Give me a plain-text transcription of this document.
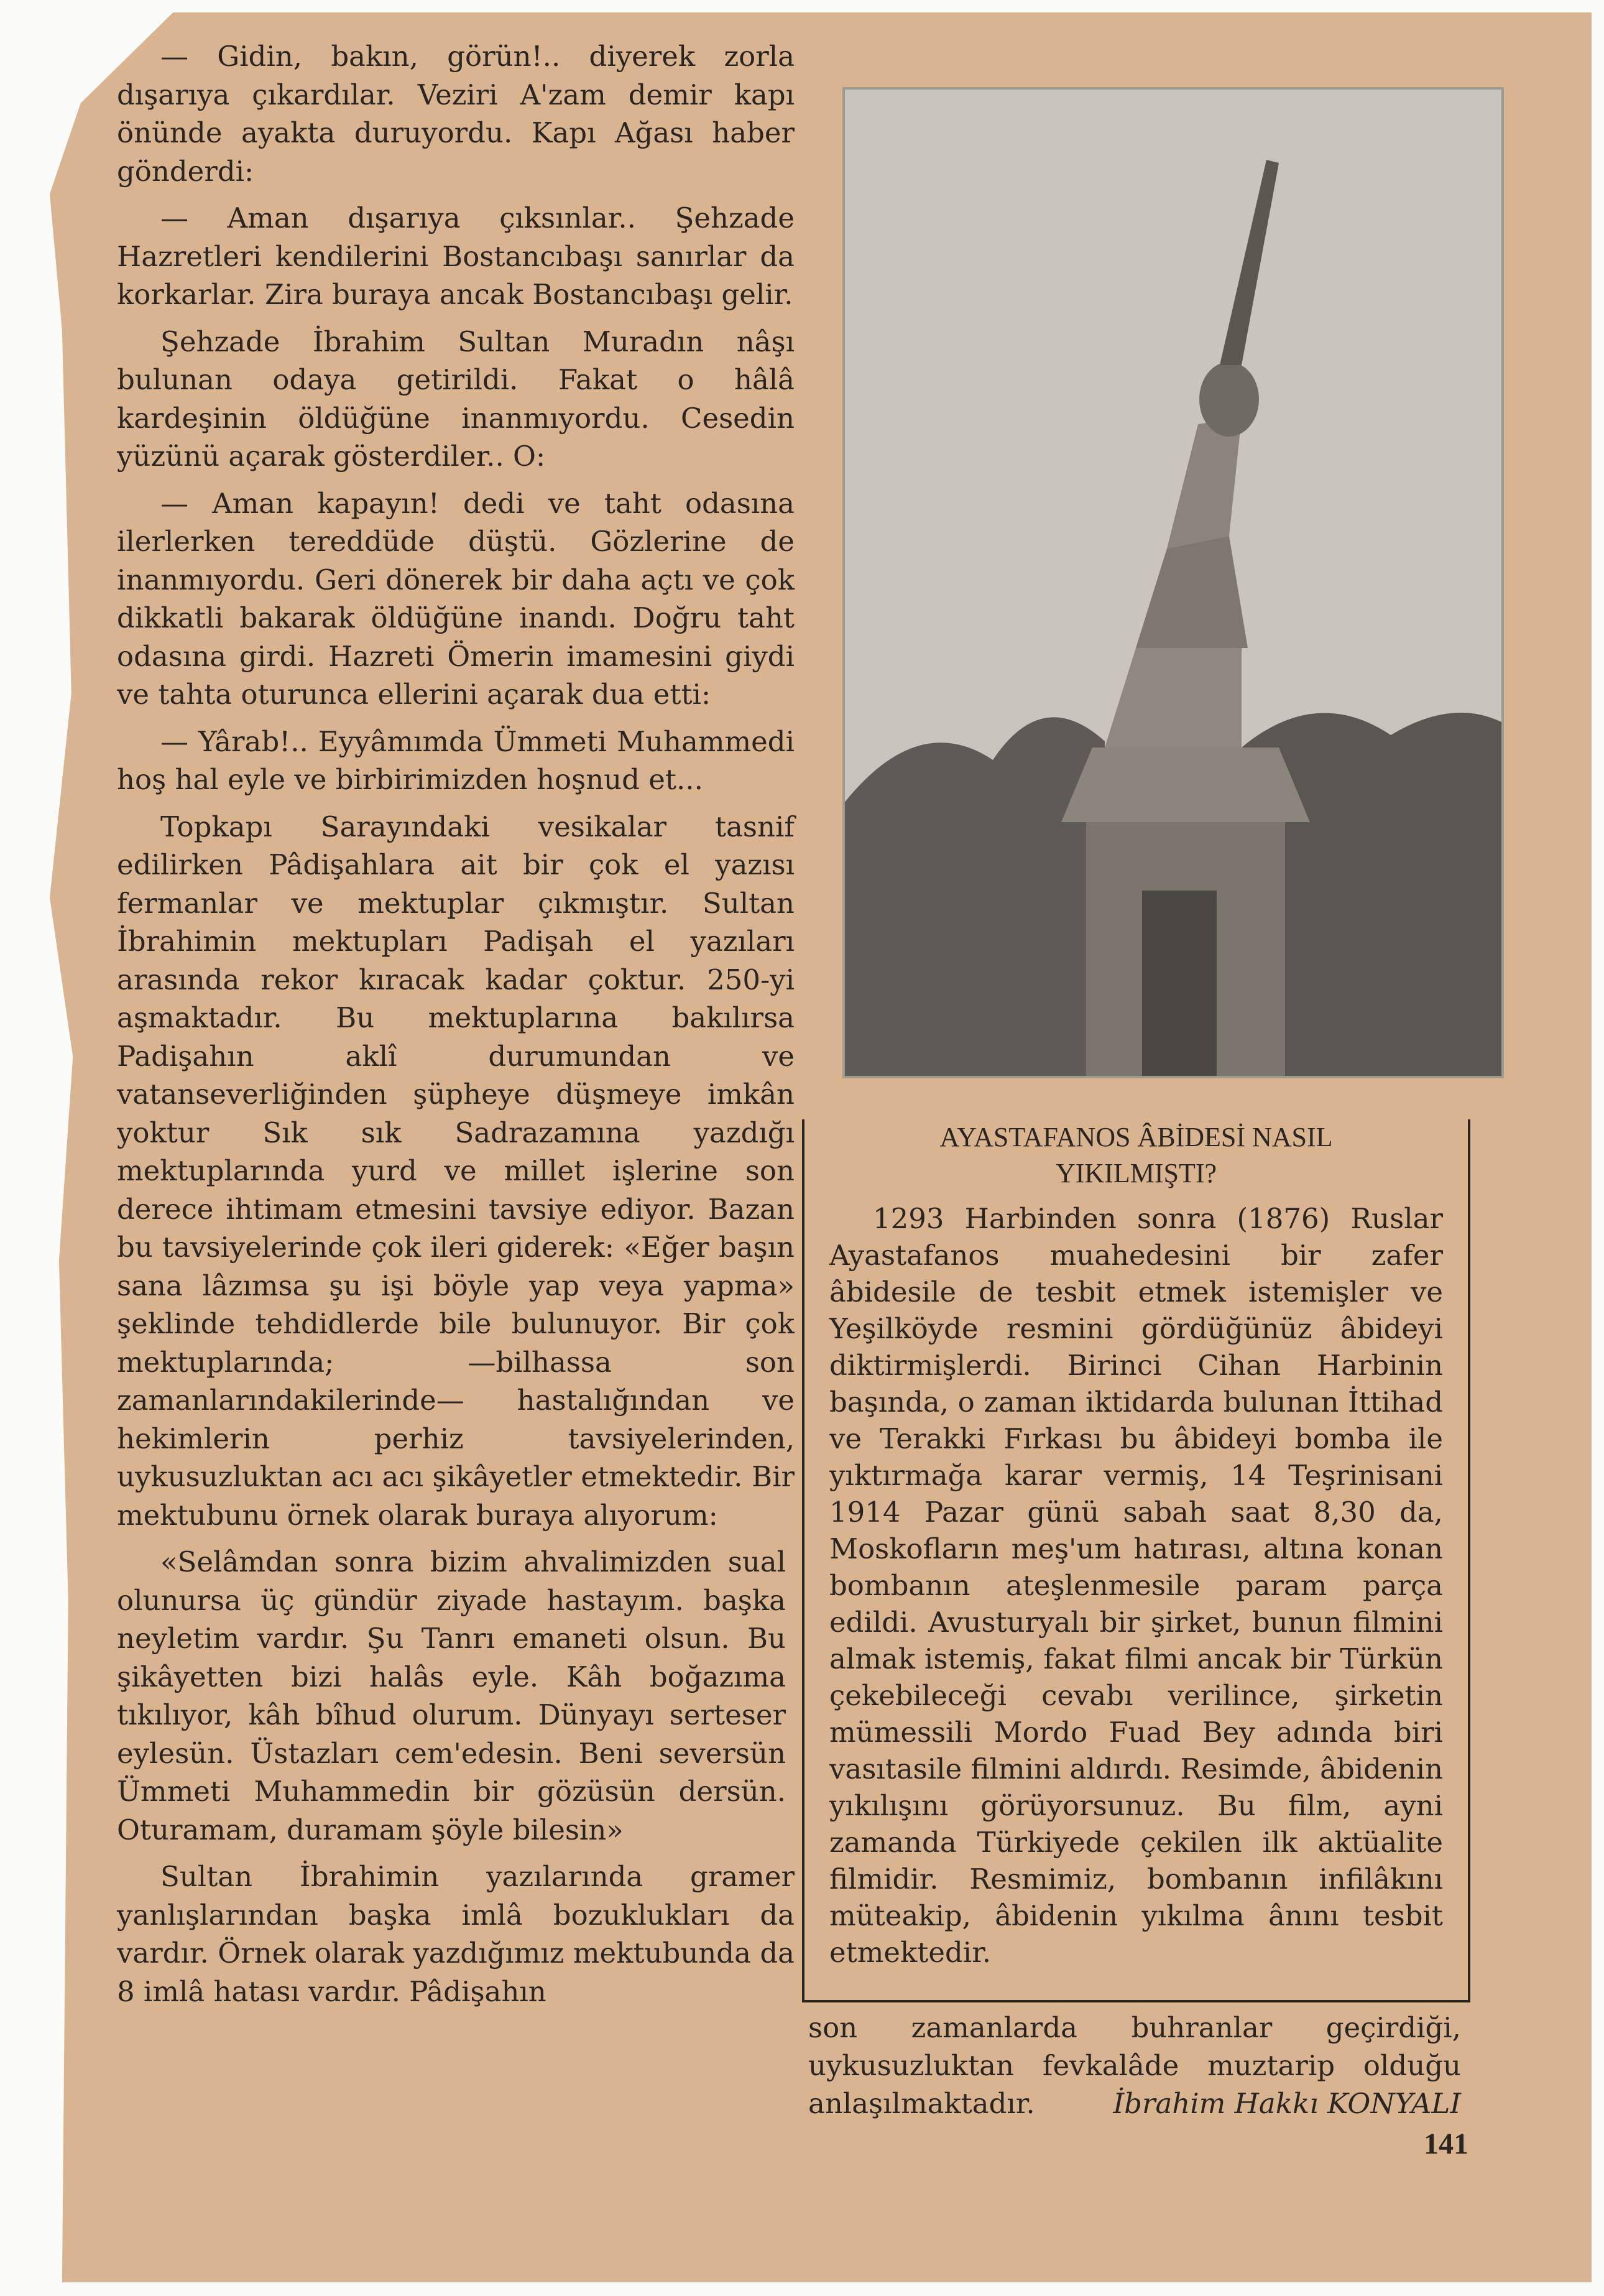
— Gidin, bakın, görün!.. diyerek zorla dışarıya çıkardılar. Veziri A'zam demir kapı önünde ayakta duruyordu. Kapı Ağası haber gönderdi:

— Aman dışarıya çıksınlar.. Şehzade Hazretleri kendilerini Bostancıbaşı sanırlar da korkarlar. Zira buraya ancak Bostancıbaşı gelir.

Şehzade İbrahim Sultan Muradın nâşı bulunan odaya getirildi. Fakat o hâlâ kardeşinin öldüğüne inanmıyordu. Cesedin yüzünü açarak gösterdiler.. O:

— Aman kapayın! dedi ve taht odasına ilerlerken tereddüde düştü. Gözlerine de inanmıyordu. Geri dönerek bir daha açtı ve çok dikkatli bakarak öldüğüne inandı. Doğru taht odasına girdi. Hazreti Ömerin imamesini giydi ve tahta oturunca ellerini açarak dua etti:

— Yârab!.. Eyyâmımda Ümmeti Muhammedi hoş hal eyle ve birbirimizden hoşnud et...

Topkapı Sarayındaki vesikalar tasnif edilirken Pâdişahlara ait bir çok el yazısı fermanlar ve mektuplar çıkmıştır. Sultan İbrahimin mektupları Padişah el yazıları arasında rekor kıracak kadar çoktur. 250-yi aşmaktadır. Bu mektuplarına bakılırsa Padişahın aklî durumundan ve vatanseverliğinden şüpheye düşmeye imkân yoktur Sık sık Sadrazamına yazdığı mektuplarında yurd ve millet işlerine son derece ihtimam etmesini tavsiye ediyor. Bazan bu tavsiyelerinde çok ileri giderek: «Eğer başın sana lâzımsa şu işi böyle yap veya yapma» şeklinde tehdidlerde bile bulunuyor. Bir çok mektuplarında; —bilhassa son zamanlarındakilerinde— hastalığından ve hekimlerin perhiz tavsiyelerinden, uykusuzluktan acı acı şikâyetler etmektedir. Bir mektubunu örnek olarak buraya alıyorum:

«Selâmdan sonra bizim ahvalimizden sual olunursa üç gündür ziyade hastayım. başka neyletim vardır. Şu Tanrı emaneti olsun. Bu şikâyetten bizi halâs eyle. Kâh boğazıma tıkılıyor, kâh bîhud olurum. Dünyayı serteser eylesün. Üstazları cem'edesin. Beni seversün Ümmeti Muhammedin bir gözüsün dersün. Oturamam, duramam şöyle bilesin»

Sultan İbrahimin yazılarında gramer yanlışlarından başka imlâ bozuklukları da vardır. Örnek olarak yazdığımız mektubunda da 8 imlâ hatası vardır. Pâdişahın

AYASTAFANOS ÂBİDESİ NASIL
YIKILMIŞTI?
1293 Harbinden sonra (1876) Ruslar Ayastafanos muahedesini bir zafer âbidesile de tesbit etmek istemişler ve Yeşilköyde resmini gördüğünüz âbideyi diktirmişlerdi. Birinci Cihan Harbinin başında, o zaman iktidarda bulunan İttihad ve Terakki Fırkası bu âbideyi bomba ile yıktırmağa karar vermiş, 14 Teşrinisani 1914 Pazar günü sabah saat 8,30 da, Moskofların meş'um hatırası, altına konan bombanın ateşlenmesile param parça edildi. Avusturyalı bir şirket, bunun filmini almak istemiş, fakat filmi ancak bir Türkün çekebileceği cevabı verilince, şirketin mümessili Mordo Fuad Bey adında biri vasıtasile filmini aldırdı. Resimde, âbidenin yıkılışını görüyorsunuz. Bu film, ayni zamanda Türkiyede çekilen ilk aktüalite filmidir. Resmimiz, bombanın infilâkını müteakip, âbidenin yıkılma ânını tesbit etmektedir.
son zamanlarda buhranlar geçirdiği, uykusuzluktan fevkalâde muztarip olduğu anlaşılmaktadır.	İbrahim Hakkı KONYALI
141
